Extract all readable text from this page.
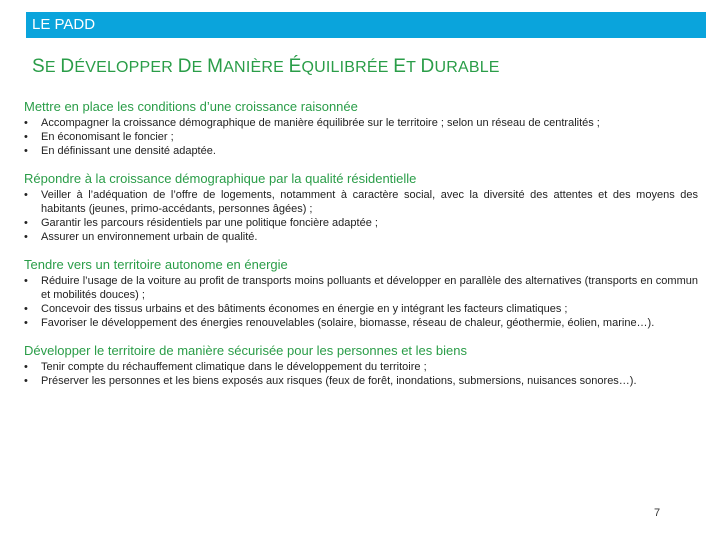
LE PADD
SE DÉVELOPPER DE MANIÈRE ÉQUILIBRÉE ET DURABLE
Mettre en place les conditions d’une croissance raisonnée
• Accompagner la croissance démographique de manière équilibrée sur le territoire ; selon un réseau de centralités ;
• En économisant le foncier ;
• En définissant une densité adaptée.
Répondre à la croissance démographique par la qualité résidentielle
• Veiller à l’adéquation de l’offre de logements, notamment à caractère social, avec la diversité des attentes et des moyens des habitants (jeunes, primo-accédants, personnes âgées) ;
• Garantir les parcours résidentiels par une politique foncière adaptée ;
• Assurer un environnement urbain de qualité.
Tendre vers un territoire autonome en énergie
• Réduire l’usage de la voiture au profit de transports moins polluants et développer en parallèle des alternatives (transports en commun et mobilités douces) ;
• Concevoir des tissus urbains et des bâtiments économes en énergie en y intégrant les facteurs climatiques ;
• Favoriser le développement des énergies renouvelables (solaire, biomasse, réseau de chaleur, géothermie, éolien, marine…).
Développer le territoire de manière sécurisée pour les personnes et les biens
• Tenir compte du réchauffement climatique dans le développement du territoire ;
• Préserver les personnes et les biens exposés aux risques (feux de forêt, inondations, submersions, nuisances sonores…).
7
